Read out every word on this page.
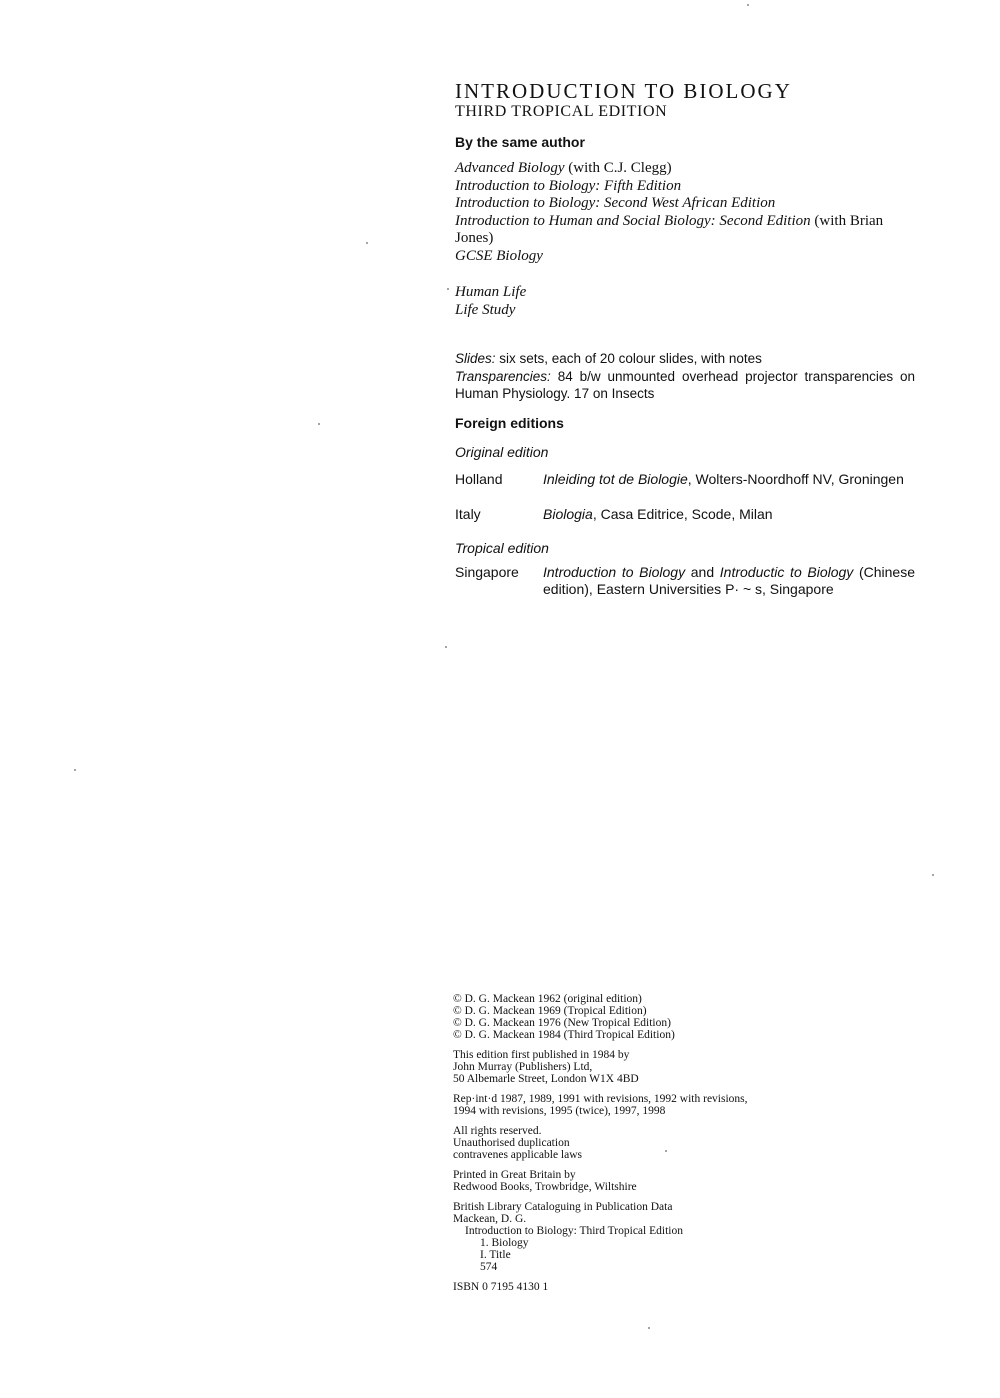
INTRODUCTION TO BIOLOGY

THIRD TROPICAL EDITION

By the same author

Advanced Biology (with C.J. Clegg)
Introduction to Biology: Fifth Edition
Introduction to Biology: Second West African Edition
Introduction to Human and Social Biology: Second Edition (with Brian Jones)
GCSE Biology
Human Life
Life Study

Slides: six sets, each of 20 colour slides, with notes

Transparencies: 84 b/w unmounted overhead projector transparencies on Human Physiology. 17 on Insects

Foreign editions

Original edition

Holland	Inleiding tot de Biologie, Wolters-Noordhoff NV, Groningen
Italy	Biologia, Casa Editrice, Scode, Milan

Tropical edition

Singapore	Introduction to Biology and Introductic to Biology (Chinese edition), Eastern Universities P· ~ s, Singapore
© D. G. Mackean 1962 (original edition)
© D. G. Mackean 1969 (Tropical Edition)
© D. G. Mackean 1976 (New Tropical Edition)
© D. G. Mackean 1984 (Third Tropical Edition)
This edition first published in 1984 by
John Murray (Publishers) Ltd,
50 Albemarle Street, London W1X 4BD
Rep·int·d 1987, 1989, 1991 with revisions, 1992 with revisions,
1994 with revisions, 1995 (twice), 1997, 1998
All rights reserved.
Unauthorised duplication
contravenes applicable laws
Printed in Great Britain by
Redwood Books, Trowbridge, Wiltshire
British Library Cataloguing in Publication Data
Mackean, D. G.
Introduction to Biology: Third Tropical Edition
1. Biology
I. Title
574
ISBN 0 7195 4130 1
